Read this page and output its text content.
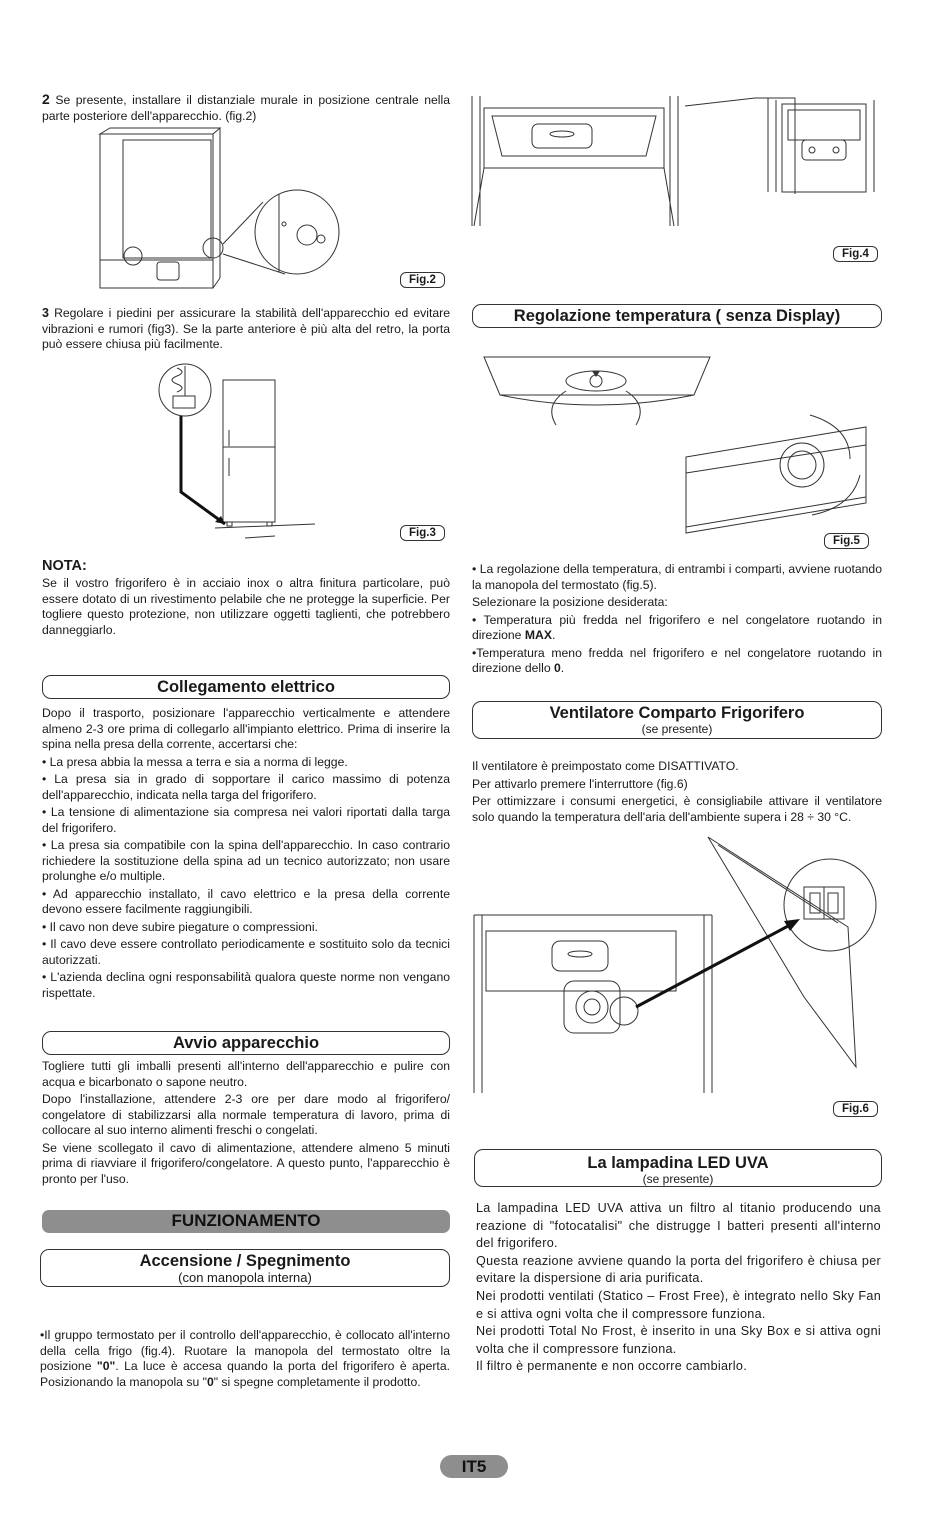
2 Se presente, installare il distanziale murale in posizione centrale nella parte posteriore dell'apparecchio. (fig.2)
Fig.2
3 Regolare i piedini per assicurare la stabilità dell'apparecchio ed evitare vibrazioni e rumori (fig3). Se la parte anteriore è più alta del retro, la porta può essere chiusa più facilmente.
Fig.3
NOTA:
Se il vostro frigorifero è in acciaio inox o altra finitura particolare, può essere dotato di un rivestimento pelabile che ne protegge la superficie. Per togliere questo protezione, non utilizzare oggetti taglienti, che potrebbero danneggiarlo.
Collegamento elettrico

Dopo il trasporto, posizionare l'apparecchio verticalmente e attendere almeno 2-3 ore prima di collegarlo all'impianto elettrico. Prima di inserire la spina nella presa della corrente, accertarsi che:

• La presa abbia la messa a terra e sia a norma di legge.

• La presa sia in grado di sopportare il carico massimo di potenza dell'apparecchio, indicata nella targa del frigorifero.

• La tensione di alimentazione sia compresa nei valori riportati dalla targa del frigorifero.

• La presa sia compatibile con la spina dell'apparecchio. In caso contrario richiedere la sostituzione della spina ad un tecnico autorizzato; non usare prolunghe e/o multiple.

• Ad apparecchio installato, il cavo elettrico e la presa della corrente devono essere facilmente raggiungibili.

• Il cavo non deve subire piegature o compressioni.

• Il cavo deve essere controllato periodicamente e sostituito solo da tecnici autorizzati.

• L'azienda declina ogni responsabilità qualora queste norme non vengano rispettate.

Avvio apparecchio

Togliere tutti gli imballi presenti all'interno dell'apparecchio e pulire con acqua e bicarbonato o sapone neutro.

Dopo l'installazione, attendere 2-3 ore per dare modo al frigorifero/ congelatore di stabilizzarsi alla normale temperatura di lavoro, prima di collocare al suo interno alimenti freschi o congelati.

Se viene scollegato il cavo di alimentazione, attendere almeno 5 minuti prima di riavviare il frigorifero/congelatore. A questo punto, l'apparecchio è pronto per l'uso.

FUNZIONAMENTO
Accensione / Spegnimento
(con manopola interna)
•Il gruppo termostato per il controllo dell'apparecchio, è collocato all'interno della cella frigo (fig.4). Ruotare la manopola del termostato oltre la posizione "0". La luce è accesa quando la porta del frigorifero è aperta. Posizionando la manopola su "0" si spegne completamente il prodotto.
Fig.4
Regolazione temperatura ( senza Display)
Fig.5

• La regolazione della temperatura, di entrambi i comparti, avviene ruotando la manopola del termostato (fig.5).

Selezionare la posizione desiderata:

• Temperatura più fredda nel frigorifero e nel congelatore ruotando in direzione MAX.

•Temperatura meno fredda nel frigorifero e nel congelatore ruotando in direzione dello 0.

Ventilatore Comparto Frigorifero
(se presente)

Il ventilatore è preimpostato come DISATTIVATO.

Per attivarlo premere l'interruttore (fig.6)

Per ottimizzare i consumi energetici, è consigliabile attivare il ventilatore solo quando la temperatura dell'aria dell'ambiente supera i 28 ÷ 30 °C.

Fig.6
La lampadina LED UVA
(se presente)

La lampadina LED UVA attiva un filtro al titanio producendo una reazione di "fotocatalisi" che distrugge I batteri presenti all'interno del frigorifero.

Questa reazione avviene quando la porta del frigorifero è chiusa per evitare la dispersione di aria purificata.

Nei prodotti ventilati (Statico – Frost Free), è integrato nello Sky Fan e si attiva ogni volta che il compressore funziona.

Nei prodotti Total No Frost, è inserito in una Sky Box e si attiva ogni volta che il compressore funziona.

Il filtro è permanente e non occorre cambiarlo.

IT5
